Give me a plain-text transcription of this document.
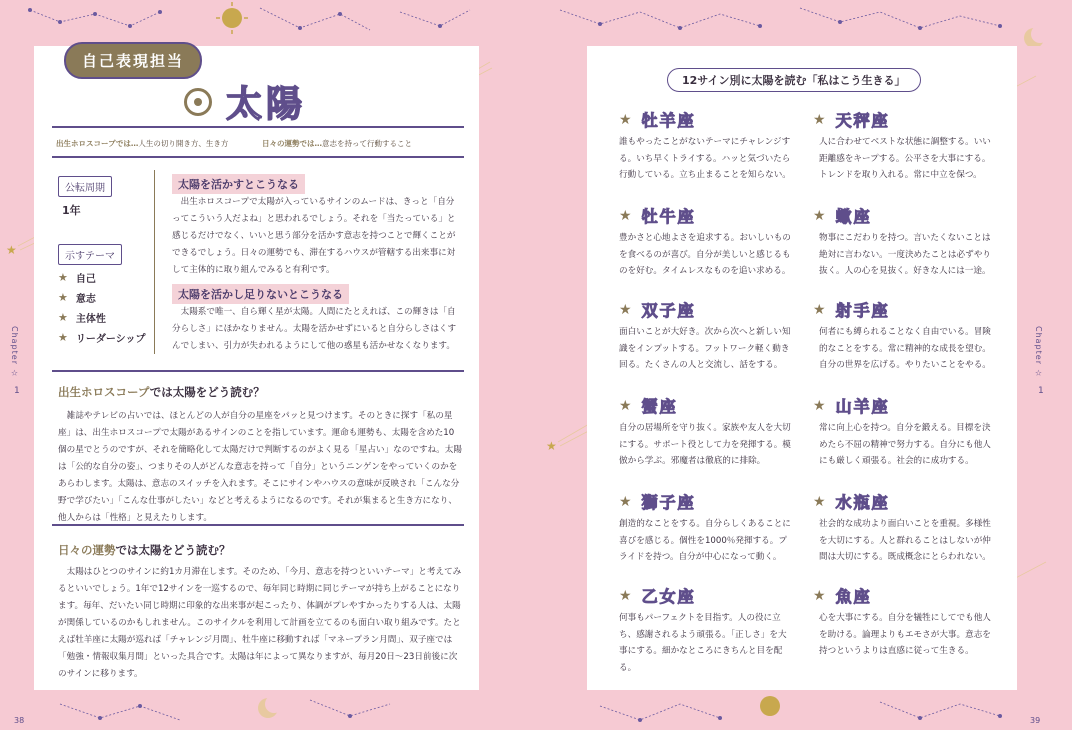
★
★
自己表現担当
太陽
出生ホロスコープでは…人生の切り開き方、生き方	日々の運勢では…意志を持って行動すること
公転周期
1年
示すテーマ
★ 自己
★ 意志
★ 主体性
★ リーダーシップ
太陽を活かすとこうなる
出生ホロスコープで太陽が入っているサインのムードは、きっと「自分ってこういう人だよね」と思われるでしょう。それを「当たっている」と感じるだけでなく、いいと思う部分を活かす意志を持つことで輝くことができるでしょう。日々の運勢でも、滞在するハウスが管轄する出来事に対して主体的に取り組んでみると有利です。
太陽を活かし足りないとこうなる
太陽系で唯一、自ら輝く星が太陽。人間にたとえれば、この輝きは「自分らしさ」にほかなりません。太陽を活かせずにいると自分らしさはくすんでしまい、引力が失われるようにして他の惑星も活かせなくなります。
出生ホロスコープでは太陽をどう読む？
雑誌やテレビの占いでは、ほとんどの人が自分の星座をパッと見つけます。そのときに探す「私の星座」は、出生ホロスコープで太陽があるサインのことを指しています。運命も運勢も、太陽を含めた10個の星でとうのですが、それを簡略化して太陽だけで判断するのがよく見る「星占い」なのですね。太陽は「公的な自分の姿」、つまりその人がどんな意志を持って「自分」というニンゲンをやっていくのかをあらわします。太陽は、意志のスイッチを入れます。そこにサインやハウスの意味が反映され「こんな分野で学びたい」「こんな仕事がしたい」などと考えるようになるのです。それが集まると生き方になり、他人からは「性格」と見えたりします。
日々の運勢では太陽をどう読む？
太陽はひとつのサインに約1カ月滞在します。そのため、「今月、意志を持つといいテーマ」と考えてみるといいでしょう。1年で12サインを一巡するので、毎年同じ時期に同じテーマが持ち上がることになります。毎年、だいたい同じ時期に印象的な出来事が起こったり、体調がプレやすかったりする人は、太陽が関係しているのかもしれません。このサイクルを利用して計画を立てるのも面白い取り組みです。たとえば牡羊座に太陽が巡れば「チャレンジ月間」、牡牛座に移動すれば「マネープラン月間」、双子座では「勉強・情報収集月間」といった具合です。太陽は年によって異なりますが、毎月20日〜23日前後に次のサインに移ります。
Chapter ☆
1
38
12サイン別に太陽を読む「私はこう生きる」
★ 牡羊座
誰もやったことがないテーマにチャレンジする。いち早くトライする。ハッと気づいたら行動している。立ち止まることを知らない。
★ 天秤座
人に合わせてベストな状態に調整する。いい距離感をキープする。公平さを大事にする。トレンドを取り入れる。常に中立を保つ。
★ 牡牛座
豊かさと心地よさを追求する。おいしいものを食べるのが喜び。自分が美しいと感じるものを好む。タイムレスなものを追い求める。
★ 蠍座
物事にこだわりを持つ。言いたくないことは絶対に言わない。一度決めたことは必ずやり抜く。人の心を見抜く。好きな人には一途。
★ 双子座
面白いことが大好き。次から次へと新しい知識をインプットする。フットワーク軽く動き回る。たくさんの人と交流し、話をする。
★ 射手座
何者にも縛られることなく自由でいる。冒険的なことをする。常に精神的な成長を望む。自分の世界を広げる。やりたいことをやる。
★ 蟹座
自分の居場所を守り抜く。家族や友人を大切にする。サポート役として力を発揮する。模倣から学ぶ。邪魔者は徹底的に排除。
★ 山羊座
常に向上心を持つ。自分を鍛える。目標を決めたら不屈の精神で努力する。自分にも他人にも厳しく頑張る。社会的に成功する。
★ 獅子座
創造的なことをする。自分らしくあることに喜びを感じる。個性を1000％発揮する。プライドを持つ。自分が中心になって動く。
★ 水瓶座
社会的な成功より面白いことを重視。多様性を大切にする。人と群れることはしないが仲間は大切にする。既成概念にとらわれない。
★ 乙女座
何事もパーフェクトを目指す。人の役に立ち、感謝されるよう頑張る。「正しさ」を大事にする。細かなところにきちんと目を配る。
★ 魚座
心を大事にする。自分を犠牲にしてでも他人を助ける。論理よりもエモさが大事。意志を持つというよりは直感に従って生きる。
Chapter ☆
1
39
